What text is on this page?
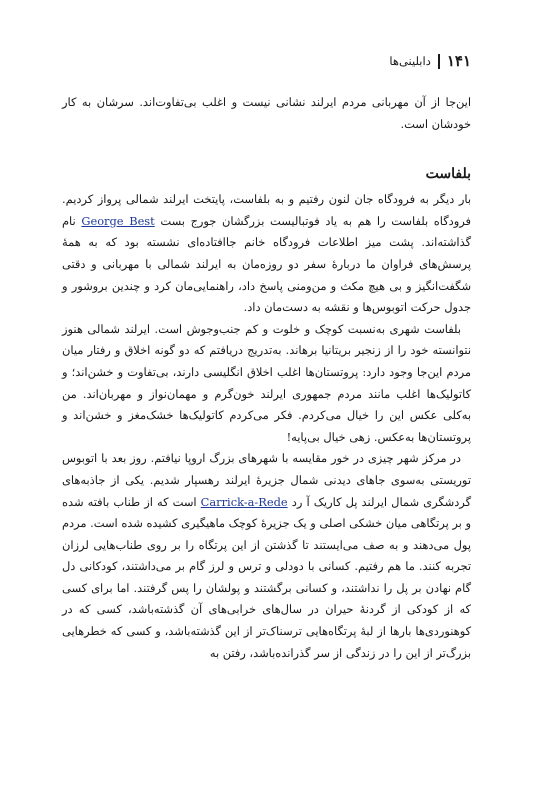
۱۴۱
دابلینی‌ها

این‌جا از آن مهربانی مردم ایرلند نشانی نیست و اغلب بی‌تفاوت‌اند. سرشان به کار خودشان است.

بلفاست

بار دیگر به فرودگاه جان لنون رفتیم و به بلفاست، پایتخت ایرلند شمالی پرواز کردیم. فرودگاه بلفاست را هم به یاد فوتبالیست بزرگشان جورج بست George Best نام گذاشته‌اند. پشت میز اطلاعات فرودگاه خانم جاافتاده‌ای نشسته بود که به همهٔ پرسش‌های فراوان ما دربارهٔ سفر دو روزه‌مان به ایرلند شمالی با مهربانی و دقتی شگفت‌انگیز و بی هیچ مکث و من‌ومنی پاسخ داد، راهنمایی‌مان کرد و چندین بروشور و جدول حرکت اتوبوس‌ها و نقشه به دست‌مان داد.

بلفاست شهری به‌نسبت کوچک و خلوت و کم جنب‌وجوش است. ایرلند شمالی هنوز نتوانسته خود را از زنجیر بریتانیا برهاند. به‌تدریج دریافتم که دو گونه اخلاق و رفتار میان مردم این‌جا وجود دارد: پروتستان‌ها اغلب اخلاق انگلیسی دارند، بی‌تفاوت و خشن‌اند؛ و کاتولیک‌ها اغلب مانند مردم جمهوری ایرلند خون‌گرم و مهمان‌نواز و مهربان‌اند. من به‌کلی عکس این را خیال می‌کردم. فکر می‌کردم کاتولیک‌ها خشک‌مغز و خشن‌اند و پروتستان‌ها به‌عکس. زهی خیال بی‌پایه!

در مرکز شهر چیزی در خور مقایسه با شهرهای بزرگ اروپا نیافتم. روز بعد با اتوبوس توریستی به‌سوی جاهای دیدنی شمال جزیرهٔ ایرلند رهسپار شدیم. یکی از جاذبه‌های گردشگری شمال ایرلند پل کاریک آ رد Carrick-a-Rede است که از طناب بافته شده و بر پرتگاهی میان خشکی اصلی و یک جزیرهٔ کوچک ماهیگیری کشیده شده است. مردم پول می‌دهند و به صف می‌ایستند تا گذشتن از این پرتگاه را بر روی طناب‌هایی لرزان تجربه کنند. ما هم رفتیم. کسانی با دودلی و ترس و لرز گام بر می‌داشتند، کودکانی دل گام نهادن بر پل را نداشتند، و کسانی برگشتند و پولشان را پس گرفتند. اما برای کسی که از کودکی از گردنهٔ حیران در سال‌های خرابی‌های آن گذشته‌باشد، کسی که در کوهنوردی‌ها بارها از لبهٔ پرتگاه‌هایی ترسناک‌تر از این گذشته‌باشد، و کسی که خطرهایی بزرگ‌تر از این را در زندگی از سر گذرانده‌باشد، رفتن به
